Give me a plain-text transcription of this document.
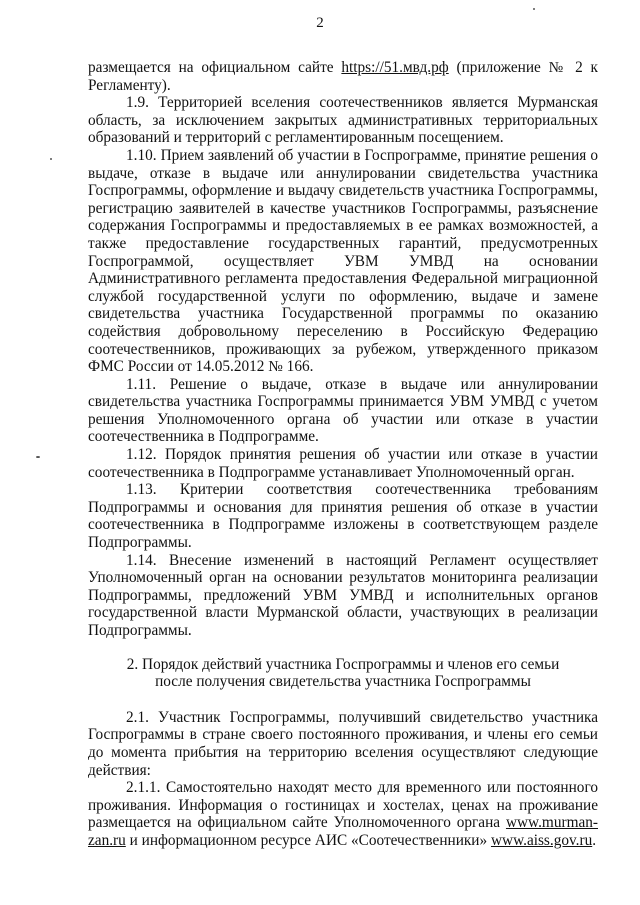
2

размещается на официальном сайте https://51.мвд.рф (приложение № 2 к Регламенту).

1.9. Территорией вселения соотечественников является Мурманская область, за исключением закрытых административных территориальных образований и территорий с регламентированным посещением.

1.10. Прием заявлений об участии в Госпрограмме, принятие решения о выдаче, отказе в выдаче или аннулировании свидетельства участника Госпрограммы, оформление и выдачу свидетельств участника Госпрограммы, регистрацию заявителей в качестве участников Госпрограммы, разъяснение содержания Госпрограммы и предоставляемых в ее рамках возможностей, а также предоставление государственных гарантий, предусмотренных Госпрограммой, осуществляет УВМ УМВД на основании Административного регламента предоставления Федеральной миграционной службой государственной услуги по оформлению, выдаче и замене свидетельства участника Государственной программы по оказанию содействия добровольному переселению в Российскую Федерацию соотечественников, проживающих за рубежом, утвержденного приказом ФМС России от 14.05.2012 № 166.

1.11. Решение о выдаче, отказе в выдаче или аннулировании свидетельства участника Госпрограммы принимается УВМ УМВД с учетом решения Уполномоченного органа об участии или отказе в участии соотечественника в Подпрограмме.

1.12. Порядок принятия решения об участии или отказе в участии соотечественника в Подпрограмме устанавливает Уполномоченный орган.

1.13. Критерии соответствия соотечественника требованиям Подпрограммы и основания для принятия решения об отказе в участии соотечественника в Подпрограмме изложены в соответствующем разделе Подпрограммы.

1.14. Внесение изменений в настоящий Регламент осуществляет Уполномоченный орган на основании результатов мониторинга реализации Подпрограммы, предложений УВМ УМВД и исполнительных органов государственной власти Мурманской области, участвующих в реализации Подпрограммы.

2. Порядок действий участника Госпрограммы и членов его семьи
после получения свидетельства участника Госпрограммы

2.1. Участник Госпрограммы, получивший свидетельство участника Госпрограммы в стране своего постоянного проживания, и члены его семьи до момента прибытия на территорию вселения осуществляют следующие действия:

2.1.1. Самостоятельно находят место для временного или постоянного проживания. Информация о гостиницах и хостелах, ценах на проживание размещается на официальном сайте Уполномоченного органа www.murman-zan.ru и информационном ресурсе АИС «Соотечественники» www.aiss.gov.ru.
